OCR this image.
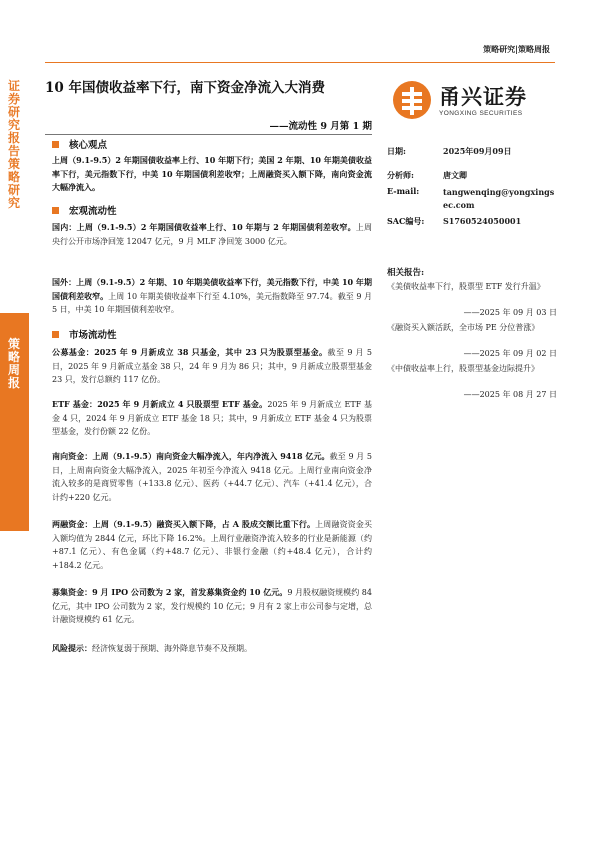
策略研究|策略周报
证券研究报告 策略研究
策略周报
10 年国债收益率下行，南下资金净流入大消费
——流动性 9 月第 1 期
甬兴证券
YONGXING SECURITIES
核心观点
上周（9.1-9.5）2 年期国债收益率上行、10 年期下行；美国 2 年期、10 年期美债收益率下行，美元指数下行，中美 10 年期国债利差收窄；上周融资买入额下降，南向资金流大幅净流入。
宏观流动性
国内：上周（9.1-9.5）2 年期国债收益率上行、10 年期与 2 年期国债利差收窄。上周央行公开市场净回笼 12047 亿元，9 月 MLF 净回笼 3000 亿元。
国外：上周（9.1-9.5）2 年期、10 年期美债收益率下行，美元指数下行，中美 10 年期国债利差收窄。上周 10 年期美债收益率下行至 4.10%，美元指数降至 97.74。截至 9 月 5 日，中美 10 年期国债利差收窄。
市场流动性
公募基金：2025 年 9 月新成立 38 只基金，其中 23 只为股票型基金。截至 9 月 5 日，2025 年 9 月新成立基金 38 只，24 年 9 月为 86 只；其中，9 月新成立股票型基金 23 只，发行总额约 117 亿份。
ETF 基金：2025 年 9 月新成立 4 只股票型 ETF 基金。2025 年 9 月新成立 ETF 基金 4 只，2024 年 9 月新成立 ETF 基金 18 只；其中，9 月新成立 ETF 基金 4 只为股票型基金，发行份额 22 亿份。
南向资金：上周（9.1-9.5）南向资金大幅净流入，年内净流入 9418 亿元。截至 9 月 5 日，上周南向资金大幅净流入，2025 年初至今净流入 9418 亿元。上周行业南向资金净流入较多的是商贸零售（+133.8 亿元）、医药（+44.7 亿元）、汽车（+41.4 亿元），合计约+220 亿元。
两融资金：上周（9.1-9.5）融资买入额下降，占 A 股成交额比重下行。上周融资资金买入额均值为 2844 亿元，环比下降 16.2%。上周行业融资净流入较多的行业是新能源（约+87.1 亿元）、有色金属（约+48.7 亿元）、非银行金融（约+48.4 亿元），合计约+184.2 亿元。
募集资金：9 月 IPO 公司数为 2 家，首发募集资金约 10 亿元。9 月股权融资规模约 84 亿元，其中 IPO 公司数为 2 家，发行规模约 10 亿元；9 月有 2 家上市公司参与定增，总计融资规模约 61 亿元。
风险提示：经济恢复弱于预期、海外降息节奏不及预期。
日期:	2025年09月09日
分析师:	唐文卿
E-mail:	tangwenqing@yongxingsec.com
SAC编号: S1760524050001
相关报告:
《美债收益率下行，股票型 ETF 发行升温》
——2025 年 09 月 03 日
《融资买入额活跃，全市场 PE 分位普涨》
——2025 年 09 月 02 日
《中债收益率上行，股票型基金边际提升》
——2025 年 08 月 27 日
